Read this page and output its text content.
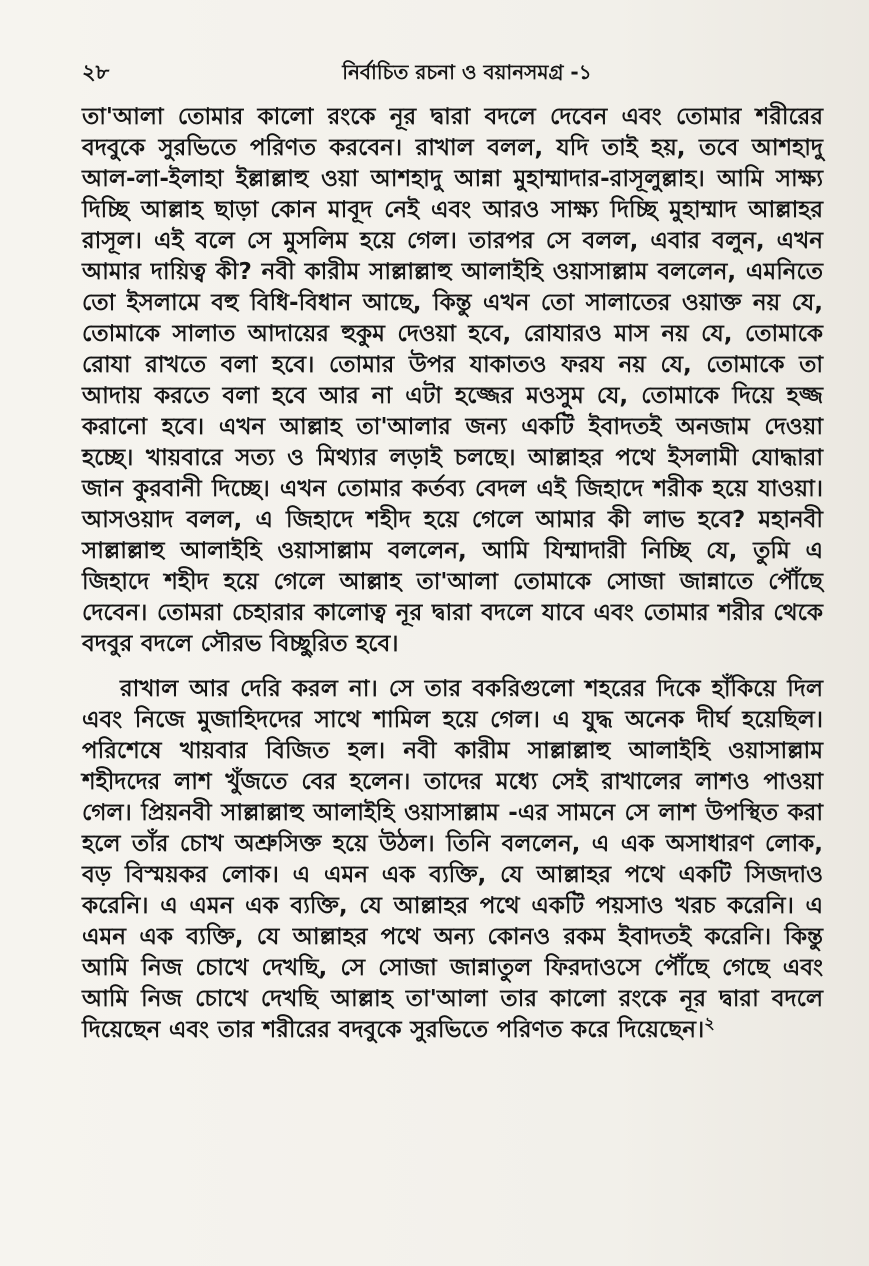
২৮	নির্বাচিত রচনা ও বয়ানসমগ্র -১

তা'আলা তোমার কালো রংকে নূর দ্বারা বদলে দেবেন এবং তোমার শরীরের বদবুকে সুরভিতে পরিণত করবেন। রাখাল বলল, যদি তাই হয়, তবে আশহাদু আল-লা-ইলাহা ইল্লাল্লাহু ওয়া আশহাদু আন্না মুহাম্মাদার-রাসূলুল্লাহ। আমি সাক্ষ্য দিচ্ছি আল্লাহ ছাড়া কোন মাবূদ নেই এবং আরও সাক্ষ্য দিচ্ছি মুহাম্মাদ আল্লাহর রাসূল। এই বলে সে মুসলিম হয়ে গেল। তারপর সে বলল, এবার বলুন, এখন আমার দায়িত্ব কী? নবী কারীম সাল্লাল্লাহু আলাইহি ওয়াসাল্লাম বললেন, এমনিতে তো ইসলামে বহু বিধি-বিধান আছে, কিন্তু এখন তো সালাতের ওয়াক্ত নয় যে, তোমাকে সালাত আদায়ের হুকুম দেওয়া হবে, রোযারও মাস নয় যে, তোমাকে রোযা রাখতে বলা হবে। তোমার উপর যাকাতও ফরয নয় যে, তোমাকে তা আদায় করতে বলা হবে আর না এটা হজ্জের মওসুম যে, তোমাকে দিয়ে হজ্জ করানো হবে। এখন আল্লাহ তা'আলার জন্য একটি ইবাদতই অনজাম দেওয়া হচ্ছে। খায়বারে সত্য ও মিথ্যার লড়াই চলছে। আল্লাহর পথে ইসলামী যোদ্ধারা জান কুরবানী দিচ্ছে। এখন তোমার কর্তব্য বেদল এই জিহাদে শরীক হয়ে যাওয়া। আসওয়াদ বলল, এ জিহাদে শহীদ হয়ে গেলে আমার কী লাভ হবে? মহানবী সাল্লাল্লাহু আলাইহি ওয়াসাল্লাম বললেন, আমি যিম্মাদারী নিচ্ছি যে, তুমি এ জিহাদে শহীদ হয়ে গেলে আল্লাহ তা'আলা তোমাকে সোজা জান্নাতে পৌঁছে দেবেন। তোমরা চেহারার কালোত্ব নূর দ্বারা বদলে যাবে এবং তোমার শরীর থেকে বদবুর বদলে সৌরভ বিচ্ছুরিত হবে।

রাখাল আর দেরি করল না। সে তার বকরিগুলো শহরের দিকে হাঁকিয়ে দিল এবং নিজে মুজাহিদদের সাথে শামিল হয়ে গেল। এ যুদ্ধ অনেক দীর্ঘ হয়েছিল। পরিশেষে খায়বার বিজিত হল। নবী কারীম সাল্লাল্লাহু আলাইহি ওয়াসাল্লাম শহীদদের লাশ খুঁজতে বের হলেন। তাদের মধ্যে সেই রাখালের লাশও পাওয়া গেল। প্রিয়নবী সাল্লাল্লাহু আলাইহি ওয়াসাল্লাম -এর সামনে সে লাশ উপস্থিত করা হলে তাঁর চোখ অশ্রুসিক্ত হয়ে উঠল। তিনি বললেন, এ এক অসাধারণ লোক, বড় বিস্ময়কর লোক। এ এমন এক ব্যক্তি, যে আল্লাহর পথে একটি সিজদাও করেনি। এ এমন এক ব্যক্তি, যে আল্লাহর পথে একটি পয়সাও খরচ করেনি। এ এমন এক ব্যক্তি, যে আল্লাহর পথে অন্য কোনও রকম ইবাদতই করেনি। কিন্তু আমি নিজ চোখে দেখছি, সে সোজা জান্নাতুল ফিরদাওসে পৌঁছে গেছে এবং আমি নিজ চোখে দেখছি আল্লাহ তা'আলা তার কালো রংকে নূর দ্বারা বদলে দিয়েছেন এবং তার শরীরের বদবুকে সুরভিতে পরিণত করে দিয়েছেন।$^২$
